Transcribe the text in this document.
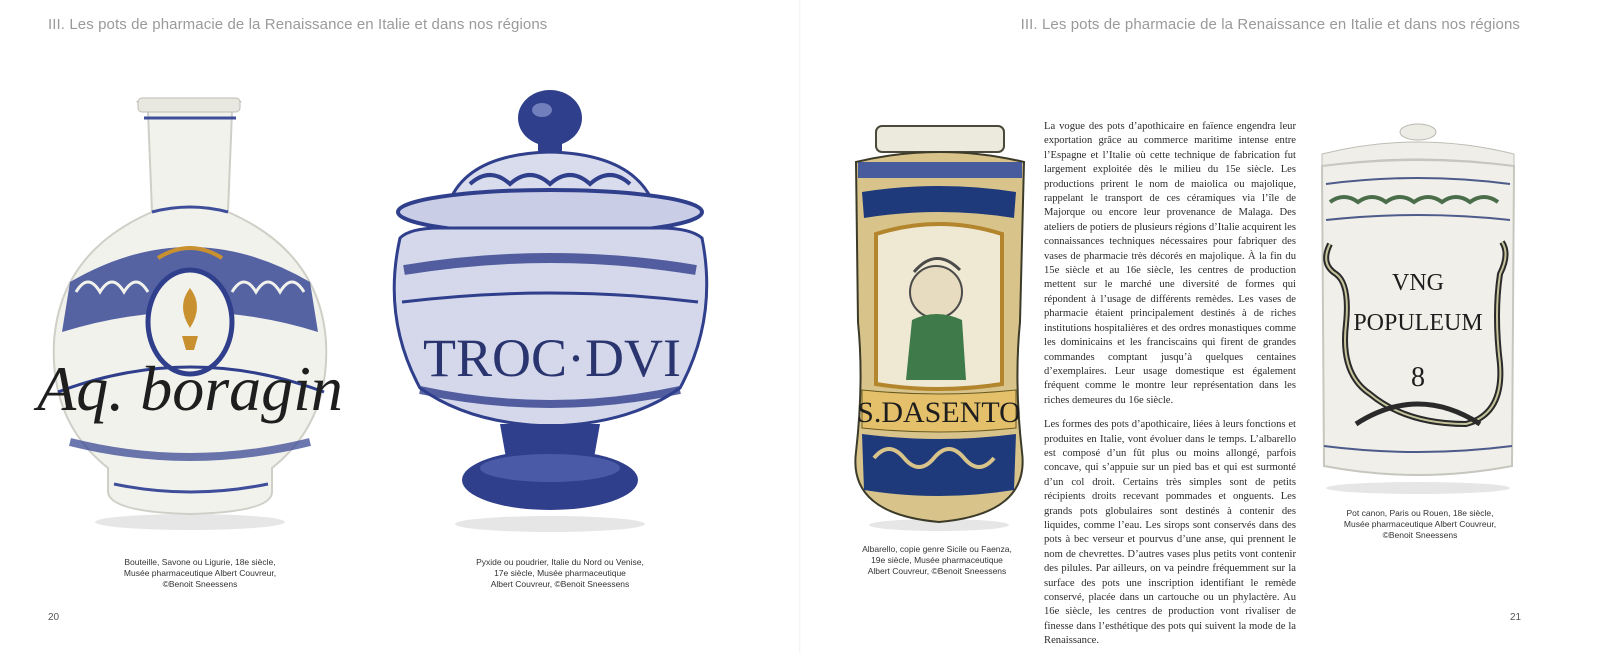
III. Les pots de pharmacie de la Renaissance en Italie et dans nos régions	III. Les pots de pharmacie de la Renaissance en Italie et dans nos régions
Aq. boragin
Bouteille, Savone ou Ligurie, 18e siècle,
Musée pharmaceutique Albert Couvreur,
©Benoit Sneessens
TROC·DVI
Pyxide ou poudrier, Italie du Nord ou Venise,
17e siècle, Musée pharmaceutique
Albert Couvreur, ©Benoit Sneessens
S.DASENTO
Albarello, copie genre Sicile ou Faenza,
19e siècle, Musée pharmaceutique
Albert Couvreur, ©Benoit Sneessens

La vogue des pots d’apothicaire en faïence engendra leur exportation grâce au commerce maritime intense entre l’Espagne et l’Italie où cette technique de fabrication fut largement exploitée dès le milieu du 15e siècle. Les productions prirent le nom de maiolica ou majolique, rappelant le transport de ces céramiques via l’île de Majorque ou encore leur provenance de Malaga. Des ateliers de potiers de plusieurs régions d’Italie acquirent les connaissances techniques nécessaires pour fabriquer des vases de pharmacie très décorés en majolique. À la fin du 15e siècle et au 16e siècle, les centres de production mettent sur le marché une diversité de formes qui répondent à l’usage de différents remèdes. Les vases de pharmacie étaient principalement destinés à de riches institutions hospitalières et des ordres monastiques comme les dominicains et les franciscains qui firent de grandes commandes comptant jusqu’à quelques centaines d’exemplaires. Leur usage domestique est également fréquent comme le montre leur représentation dans les riches demeures du 16e siècle.

Les formes des pots d’apothicaire, liées à leurs fonctions et produites en Italie, vont évoluer dans le temps. L’albarello est composé d’un fût plus ou moins allongé, parfois concave, qui s’appuie sur un pied bas et qui est surmonté d’un col droit. Certains très simples sont de petits récipients droits recevant pommades et onguents. Les grands pots globulaires sont destinés à contenir des liquides, comme l’eau. Les sirops sont conservés dans des pots à bec verseur et pourvus d’une anse, qui prennent le nom de chevrettes. D’autres vases plus petits vont contenir des pilules. Par ailleurs, on va peindre fréquemment sur la surface des pots une inscription identifiant le remède conservé, placée dans un cartouche ou un phylactère. Au 16e siècle, les centres de production vont rivaliser de finesse dans l’esthétique des pots qui suivent la mode de la Renaissance.

VNG
POPULEUM
8
Pot canon, Paris ou Rouen, 18e siècle,
Musée pharmaceutique Albert Couvreur,
©Benoit Sneessens
20	21
